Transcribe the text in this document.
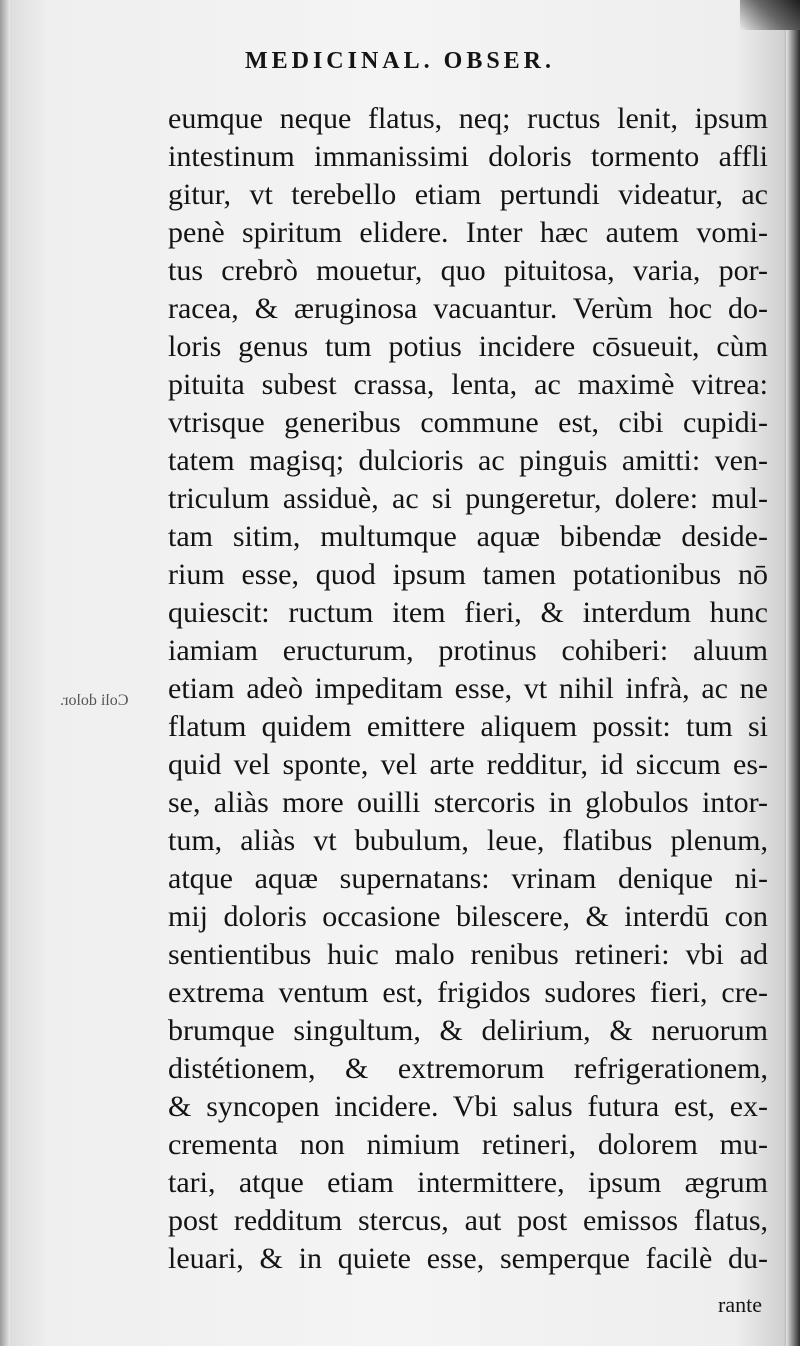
MEDICINAL. OBSER.
Coli dolor.
eumque neque flatus, neq; ructus lenit, ipsum
intestinum immanissimi doloris tormento affli
gitur, vt terebello etiam pertundi videatur, ac
penè spiritum elidere. Inter hæc autem vomi-
tus crebrò mouetur, quo pituitosa, varia, por-
racea, & æruginosa vacuantur. Verùm hoc do-
loris genus tum potius incidere cōsueuit, cùm
pituita subest crassa, lenta, ac maximè vitrea:
vtrisque generibus commune est, cibi cupidi-
tatem magisq; dulcioris ac pinguis amitti: ven-
triculum assiduè, ac si pungeretur, dolere: mul-
tam sitim, multumque aquæ bibendæ deside-
rium esse, quod ipsum tamen potationibus nō
quiescit: ructum item fieri, & interdum hunc
iamiam eructurum, protinus cohiberi: aluum
etiam adeò impeditam esse, vt nihil infrà, ac ne
flatum quidem emittere aliquem possit: tum si
quid vel sponte, vel arte redditur, id siccum es-
se, aliàs more ouilli stercoris in globulos intor-
tum, aliàs vt bubulum, leue, flatibus plenum,
atque aquæ supernatans: vrinam denique ni-
mij doloris occasione bilescere, & interdū con
sentientibus huic malo renibus retineri: vbi ad
extrema ventum est, frigidos sudores fieri, cre-
brumque singultum, & delirium, & neruorum
distétionem, & extremorum refrigerationem,
& syncopen incidere. Vbi salus futura est, ex-
crementa non nimium retineri, dolorem mu-
tari, atque etiam intermittere, ipsum ægrum
post redditum stercus, aut post emissos flatus,
leuari, & in quiete esse, semperque facilè du-
rante
